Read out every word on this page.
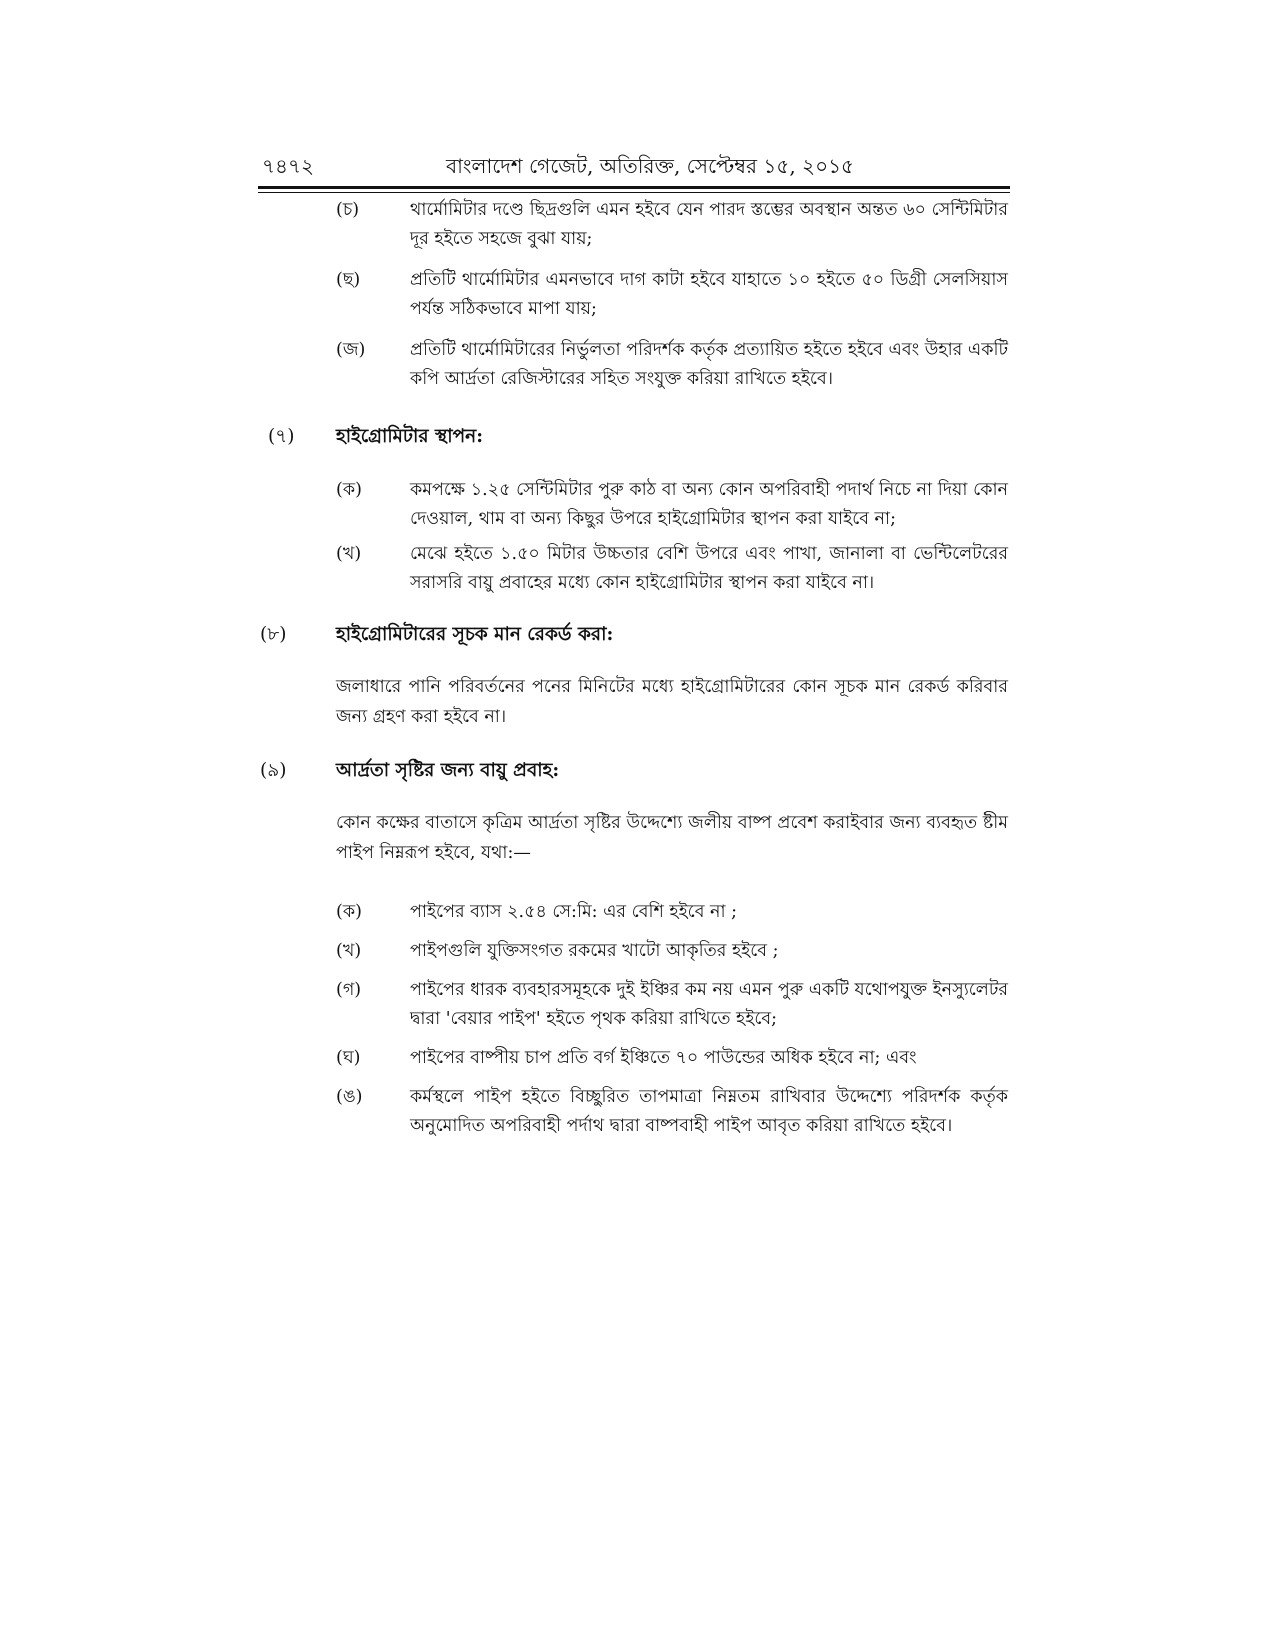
৭৪৭২	বাংলাদেশ গেজেট, অতিরিক্ত, সেপ্টেম্বর ১৫, ২০১৫
(চ)	থার্মোমিটার দণ্ডে ছিদ্রগুলি এমন হইবে যেন পারদ স্তম্ভের অবস্থান অন্তত ৬০ সেন্টিমিটার দূর হইতে সহজে বুঝা যায়;
(ছ)	প্রতিটি থার্মোমিটার এমনভাবে দাগ কাটা হইবে যাহাতে ১০ হইতে ৫০ ডিগ্রী সেলসিয়াস পর্যন্ত সঠিকভাবে মাপা যায়;
(জ)	প্রতিটি থার্মোমিটারের নির্ভুলতা পরিদর্শক কর্তৃক প্রত্যায়িত হইতে হইবে এবং উহার একটি কপি আর্দ্রতা রেজিস্টারের সহিত সংযুক্ত করিয়া রাখিতে হইবে।
(৭) হাইগ্রোমিটার স্থাপন:
(ক)	কমপক্ষে ১.২৫ সেন্টিমিটার পুরু কাঠ বা অন্য কোন অপরিবাহী পদার্থ নিচে না দিয়া কোন দেওয়াল, থাম বা অন্য কিছুর উপরে হাইগ্রোমিটার স্থাপন করা যাইবে না;
(খ)	মেঝে হইতে ১.৫০ মিটার উচ্চতার বেশি উপরে এবং পাখা, জানালা বা ভেন্টিলেটরের সরাসরি বায়ু প্রবাহের মধ্যে কোন হাইগ্রোমিটার স্থাপন করা যাইবে না।
(৮)	হাইগ্রোমিটারের সূচক মান রেকর্ড করা:
জলাধারে পানি পরিবর্তনের পনের মিনিটের মধ্যে হাইগ্রোমিটারের কোন সূচক মান রেকর্ড করিবার জন্য গ্রহণ করা হইবে না।
(৯)	আর্দ্রতা সৃষ্টির জন্য বায়ু প্রবাহ:
কোন কক্ষের বাতাসে কৃত্রিম আর্দ্রতা সৃষ্টির উদ্দেশ্যে জলীয় বাষ্প প্রবেশ করাইবার জন্য ব্যবহৃত ষ্টীম পাইপ নিম্নরূপ হইবে, যথা:—
(ক)	পাইপের ব্যাস ২.৫৪ সে:মি: এর বেশি হইবে না ;
(খ)	পাইপগুলি যুক্তিসংগত রকমের খাটো আকৃতির হইবে ;
(গ)	পাইপের ধারক ব্যবহারসমূহকে দুই ইঞ্চির কম নয় এমন পুরু একটি যথোপযুক্ত ইনস্যুলেটর দ্বারা 'বেয়ার পাইপ' হইতে পৃথক করিয়া রাখিতে হইবে;
(ঘ)	পাইপের বাষ্পীয় চাপ প্রতি বর্গ ইঞ্চিতে ৭০ পাউন্ডের অধিক হইবে না; এবং
(ঙ)	কর্মস্থলে পাইপ হইতে বিচ্ছুরিত তাপমাত্রা নিম্নতম রাখিবার উদ্দেশ্যে পরিদর্শক কর্তৃক অনুমোদিত অপরিবাহী পর্দাথ দ্বারা বাষ্পবাহী পাইপ আবৃত করিয়া রাখিতে হইবে।
